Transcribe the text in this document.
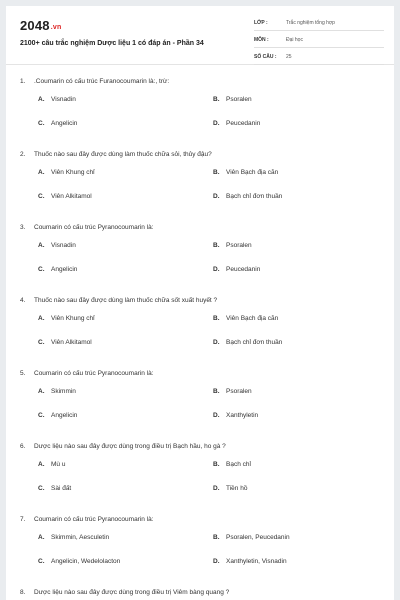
2048.vn
2100+ câu trắc nghiệm Dược liệu 1 có đáp án - Phần 34
LỚP :	Trắc nghiệm tổng hợp
MÔN :	Đại học
SỐ CÂU :	25
1.	.Coumarin có cấu trúc Furanocoumarin là:, trừ:
A.	Visnadin	B.	Psoralen
C.	Angelicin	D.	Peucedanin
2.	Thuốc nào sau đây được dùng làm thuốc chữa sỏi, thủy đậu?
A.	Viên Khung chỉ	B.	Viên Bạch địa căn
C.	Viên Alkitamol	D.	Bạch chỉ đơn thuần
3.	Coumarin có cấu trúc Pyranocoumarin là:
A.	Visnadin	B.	Psoralen
C.	Angelicin	D.	Peucedanin
4.	Thuốc nào sau đây được dùng làm thuốc chữa sốt xuất huyết ?
A.	Viên Khung chỉ	B.	Viên Bạch địa căn
C.	Viên Alkitamol	D.	Bạch chỉ đơn thuần
5.	Coumarin có cấu trúc Pyranocoumarin là:
A.	Skimmin	B.	Psoralen
C.	Angelicin	D.	Xanthyletin
6.	Dược liệu nào sau đây được dùng trong điều trị Bạch hầu, ho gà ?
A.	Mù u	B.	Bạch chỉ
C.	Sài đất	D.	Tiền hồ
7.	Coumarin có cấu trúc Pyranocoumarin là:
A.	Skimmin, Aesculetin	B.	Psoralen, Peucedanin
C.	Angelicin, Wedelolacton	D.	Xanthyletin, Visnadin
8.	Dược liệu nào sau đây được dùng trong điều trị Viêm bàng quang ?
